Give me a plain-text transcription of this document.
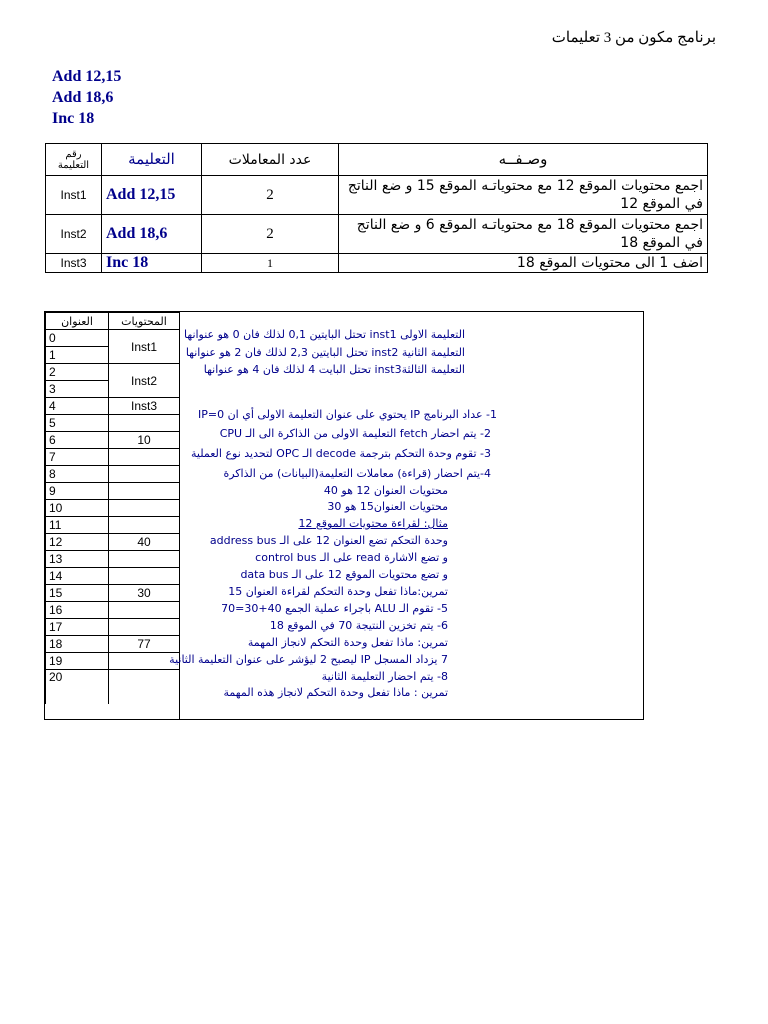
برنامج مكون من 3 تعليمات
Add 12,15
Add 18,6
Inc 18
رقم التعليمة	التعليمة	عدد المعاملات	وصـفــه
Inst1	Add 12,15	2	اجمع محتويات الموقع 12 مع محتوياتـه الموقع 15 و ضع الناتج في الموقع 12
Inst2	Add 18,6	2	اجمع محتويات الموقع 18 مع محتوياتـه الموقع 6 و ضع الناتج في الموقع 18
Inst3	Inc 18	1	اضف 1 الى محتويات الموقع 18
العنوان	المحتويات
0	Inst1
1	
2	Inst2
3	
4	Inst3
5	
6	10
7	
8	
9	
10	
11	
12	40
13	
14	
15	30
16	
17	
18	77
19	
20	
التعليمة الاولى inst1 تحتل البايتين 0,1 لذلك فان 0 هو عنوانها
التعليمة الثانية inst2 تحتل البايتين 2,3 لذلك فان 2 هو عنوانها
التعليمة الثالثةinst3 تحتل البايت 4 لذلك فان 4 هو عنوانها
1- عداد البرنامج IP يحتوي على عنوان التعليمة الاولى أي ان IP=0
2- يتم احضار fetch التعليمة الاولى من الذاكرة الى الـ CPU
3- تقوم وحدة التحكم بترجمة decode الـ OPC لتحديد نوع العملية
4-يتم احضار (قراءة) معاملات التعليمة(البيانات) من الذاكرة
محتويات العنوان 12 هو 40
محتويات العنوان15 هو 30
مثال: لقراءة محتويات الموقع 12
وحدة التحكم تضع العنوان 12 على الـ address bus
و تضع الاشارة read على الـ control bus
و تضع محتويات الموقع 12 على الـ data bus
تمرين:ماذا تفعل وحدة التحكم لقراءة العنوان 15
5- تقوم الـ ALU باجراء عملية الجمع 40+30=70
6- يتم تخزين النتيجة 70 في الموقع 18
تمرين: ماذا تفعل وحدة التحكم لانجاز المهمة
7 يزداد المسجل IP ليصبح 2 ليؤشر على عنوان التعليمة الثانية
8- يتم احضار التعليمة الثانية
تمرين : ماذا تفعل وحدة التحكم لانجاز هذه المهمة
